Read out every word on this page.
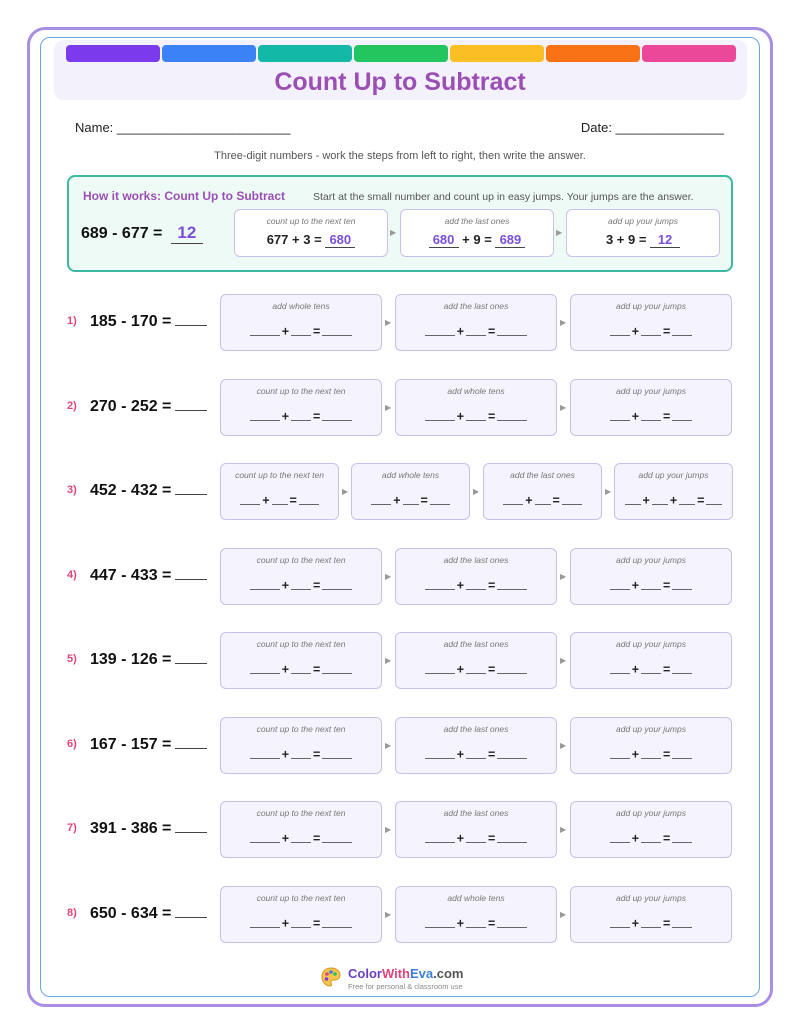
Count Up to Subtract
Name: ________________________	Date: _______________
Three-digit numbers - work the steps from left to right, then write the answer.
How it works: Count Up to Subtract	Start at the small number and count up in easy jumps. Your jumps are the answer.
689 - 677 = 12
count up to the next ten
677 + 3 = 680	▶
add the last ones
680 + 9 = 689	▶
add up your jumps
3 + 9 = 12
1) 185 - 170 =
add whole tens
+ =
▶
add the last ones
+ =
▶
add up your jumps
+ =
2) 270 - 252 =
count up to the next ten
+ =
▶
add whole tens
+ =
▶
add up your jumps
+ =
3) 452 - 432 =
count up to the next ten
+ =
▶
add whole tens
+ =
▶
add the last ones
+ =
▶
add up your jumps
+ + =
4) 447 - 433 =
count up to the next ten
+ =
▶
add the last ones
+ =
▶
add up your jumps
+ =
5) 139 - 126 =
count up to the next ten
+ =
▶
add the last ones
+ =
▶
add up your jumps
+ =
6) 167 - 157 =
count up to the next ten
+ =
▶
add the last ones
+ =
▶
add up your jumps
+ =
7) 391 - 386 =
count up to the next ten
+ =
▶
add the last ones
+ =
▶
add up your jumps
+ =
8) 650 - 634 =
count up to the next ten
+ =
▶
add whole tens
+ =
▶
add up your jumps
+ =
ColorWithEva.com
Free for personal & classroom use
